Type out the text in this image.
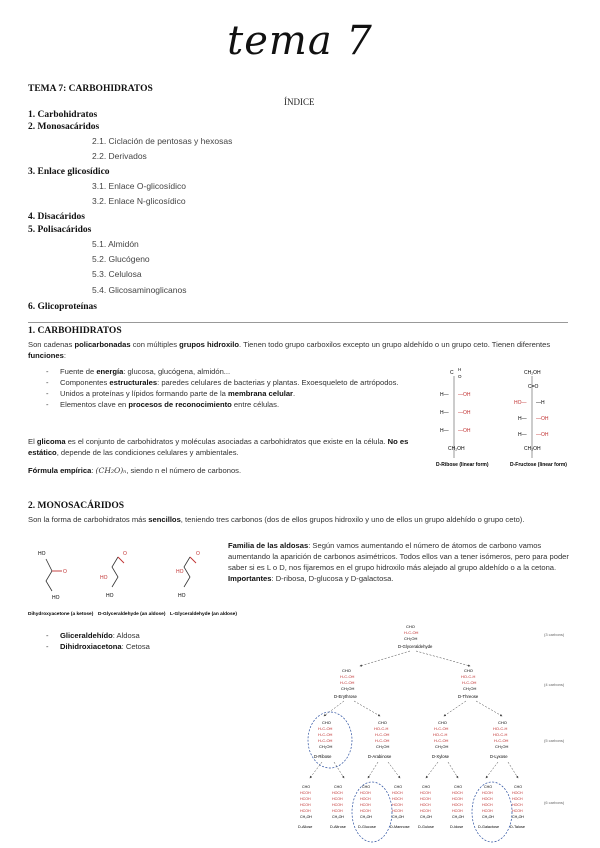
tema 7
TEMA 7: CARBOHIDRATOS
ÍNDICE
1. Carbohidratos
2. Monosacáridos
2.1. Ciclación de pentosas y hexosas
2.2. Derivados
3. Enlace glicosídico
3.1. Enlace O-glicosídico
3.2. Enlace N-glicosídico
4. Disacáridos
5. Polisacáridos
5.1. Almidón
5.2. Glucógeno
5.3. Celulosa
5.4. Glicosaminoglicanos
6. Glicoproteínas
1. CARBOHIDRATOS
Son cadenas policarbonadas con múltiples grupos hidroxilo. Tienen todo grupo carboxilos excepto un grupo aldehído o un grupo ceto. Tienen diferentes funciones:
- Fuente de energía: glucosa, glucógena, almidón...
- Componentes estructurales: paredes celulares de bacterias y plantas. Exoesqueleto de artrópodos.
- Unidos a proteínas y lípidos formando parte de la membrana celular.
- Elementos clave en procesos de reconocimiento entre células.
El glicoma es el conjunto de carbohidratos y moléculas asociadas a carbohidratos que existe en la célula. No es estático, depende de las condiciones celulares y ambientales.
Fórmula empírica: (CH₂O)ₙ, siendo n el número de carbonos.
C
H
O
H— —OH
H— —OH
H— —OH
CH₂OH
D-Ribose (linear form)
CH₂OH
C=O
HO— —H
H— —OH
H— —OH
CH₂OH
D-Fructose (linear form)
2. MONOSACÁRIDOS
Son la forma de carbohidratos más sencillos, teniendo tres carbonos (dos de ellos grupos hidroxilo y uno de ellos un grupo aldehído o grupo ceto).
HO
O
HO
Dihydroxyacetone (a ketose)
O
HO
HO
D-Glyceraldehyde (an aldose)
O
HO
HO
L-Glyceraldehyde (an aldose)
Familia de las aldosas: Según vamos aumentando el número de átomos de carbono vamos aumentando la aparición de carbonos asimétricos. Todos ellos van a tener isómeros, pero para poder saber si es L o D, nos fijaremos en el grupo hidroxilo más alejado al grupo aldehído o a la cetona. Importantes: D-ribosa, D-glucosa y D-galactosa.
- Gliceraldehído: Aldosa
- Dihidroxiacetona: Cetosa
CHO
H-C-OH
CH₂OH
D-Glyceraldehyde
CHO
H-C-OH
H-C-OH
CH₂OH
D-Erythrose
CHO
HO-C-H
H-C-OH
CH₂OH
D-Threose
CHO
H-C-OH
H-C-OH
H-C-OH
CH₂OH
D-Ribose
CHO
HO-C-H
H-C-OH
H-C-OH
CH₂OH
D-Arabinose
CHO
H-C-OH
HO-C-H
H-C-OH
CH₂OH
D-Xylose
CHO
HO-C-H
HO-C-H
H-C-OH
CH₂OH
D-Lyxose
CHO
HCOH
HCOH
HCOH
HCOH
CH₂OH
CHO
HOCH
HCOH
HCOH
HCOH
CH₂OH
CHO
HCOH
HOCH
HCOH
HCOH
CH₂OH
CHO
HOCH
HOCH
HCOH
HCOH
CH₂OH
CHO
HCOH
HCOH
HOCH
HCOH
CH₂OH
CHO
HOCH
HCOH
HOCH
HCOH
CH₂OH
CHO
HCOH
HOCH
HOCH
HCOH
CH₂OH
CHO
HOCH
HOCH
HOCH
HCOH
CH₂OH
D-Allose	D-Altrose	D-Glucose	D-Mannose D-Gulose	D-Idose	D-Galactose	D-Talose
(3 carbons)
(4 carbons)
(5 carbons)
(6 carbons)
